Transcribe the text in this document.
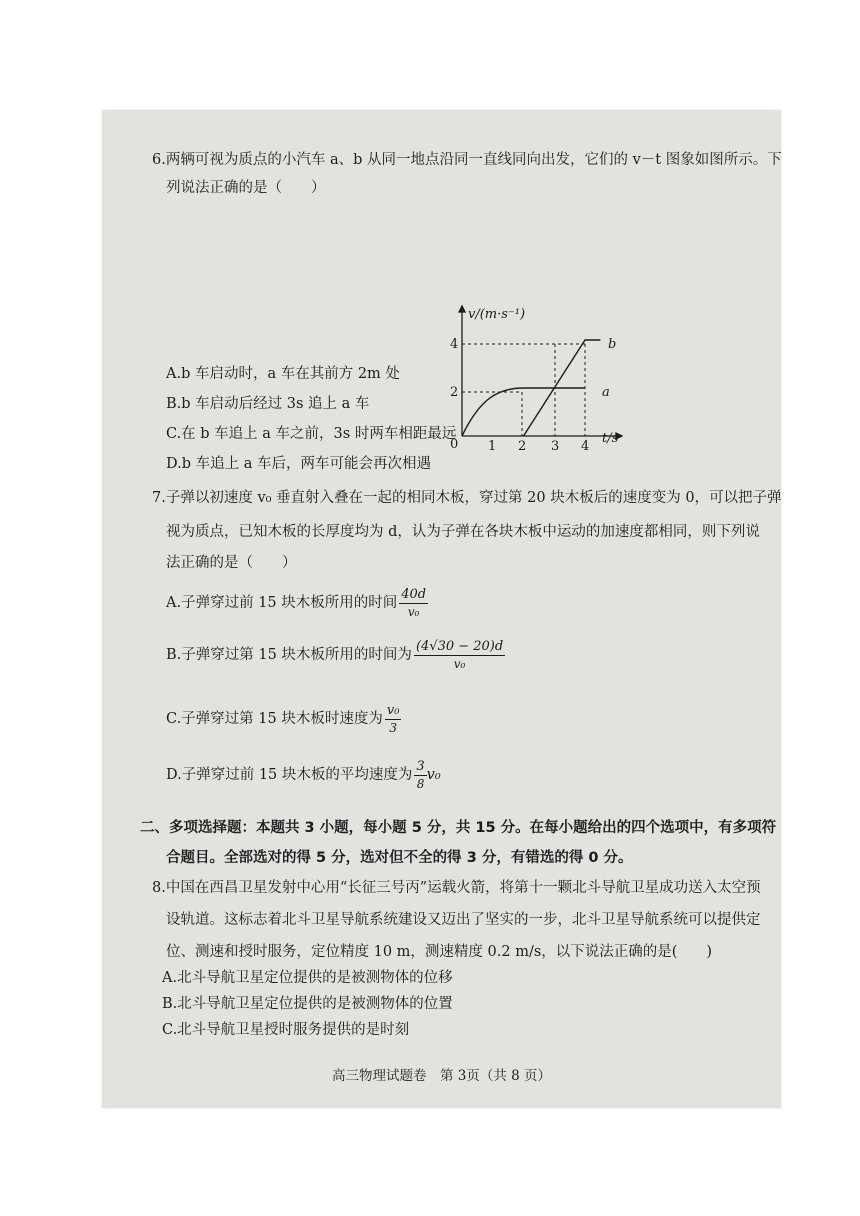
6.两辆可视为质点的小汽车 a、b 从同一地点沿同一直线同向出发，它们的 v－t 图象如图所示。下
列说法正确的是（　　）
4
2
0 1 2 3 4
v/(m·s⁻¹)
t/s
a
b
A.b 车启动时，a 车在其前方 2m 处
B.b 车启动后经过 3s 追上 a 车
C.在 b 车追上 a 车之前，3s 时两车相距最远
D.b 车追上 a 车后，两车可能会再次相遇
7.子弹以初速度 v₀ 垂直射入叠在一起的相同木板，穿过第 20 块木板后的速度变为 0，可以把子弹
视为质点，已知木板的长厚度均为 d，认为子弹在各块木板中运动的加速度都相同，则下列说
法正确的是（　　）
A.子弹穿过前 15 块木板所用的时间 $\frac{40d}{\text{v₀}}$
B.子弹穿过第 15 块木板所用的时间为 $\frac{(4√30 - 20)d}{\text{v₀}}$
C.子弹穿过第 15 块木板时速度为 $\frac{\text{v₀}}{3}$
D.子弹穿过前 15 块木板的平均速度为 $\frac{3}{8} v_0$
二、多项选择题：本题共 3 小题，每小题 5 分，共 15 分。在每小题给出的四个选项中，有多项符
合题目。全部选对的得 5 分，选对但不全的得 3 分，有错选的得 0 分。
8.中国在西昌卫星发射中心用“长征三号丙”运载火箭，将第十一颗北斗导航卫星成功送入太空预
设轨道。这标志着北斗卫星导航系统建设又迈出了坚实的一步，北斗卫星导航系统可以提供定
位、测速和授时服务，定位精度 10 m，测速精度 0.2 m/s，以下说法正确的是(　　)
A.北斗导航卫星定位提供的是被测物体的位移
B.北斗导航卫星定位提供的是被测物体的位置
C.北斗导航卫星授时服务提供的是时刻
高三物理试题卷　第 3页（共 8 页）
